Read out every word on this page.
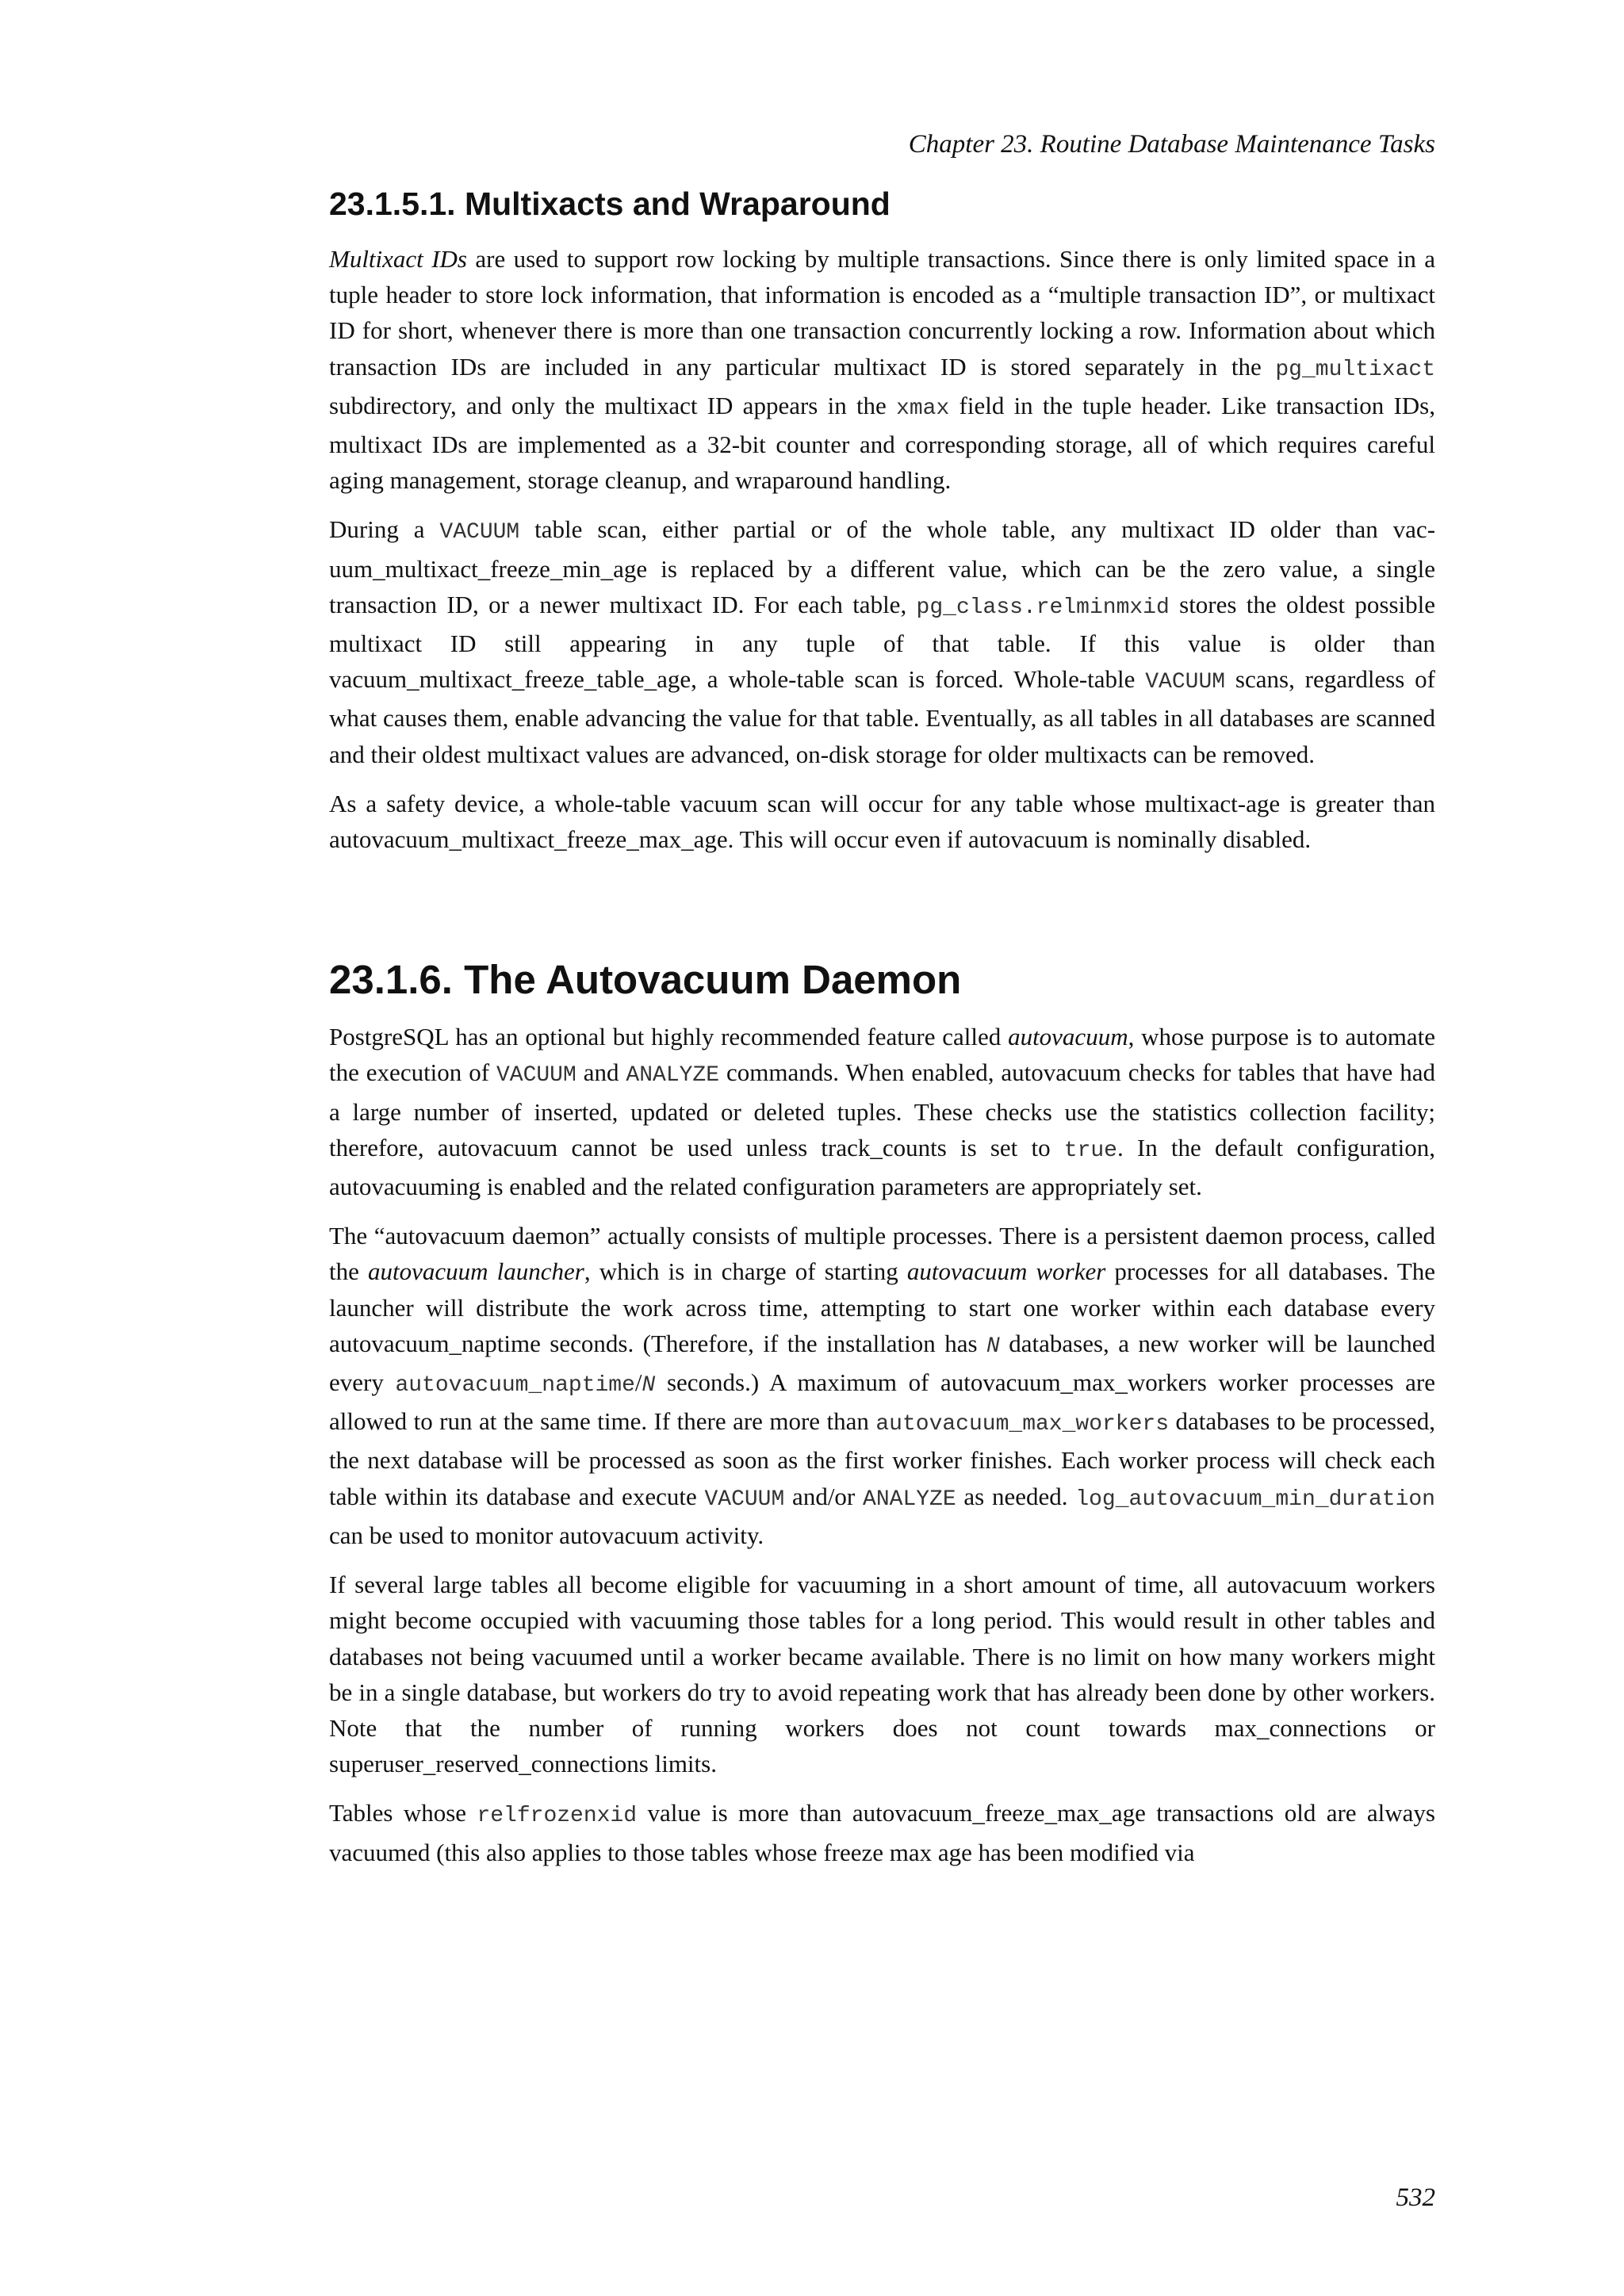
Chapter 23. Routine Database Maintenance Tasks
23.1.5.1. Multixacts and Wraparound

Multixact IDs are used to support row locking by multiple transactions. Since there is only limited space in a tuple header to store lock information, that information is encoded as a “multiple transaction ID”, or multixact ID for short, whenever there is more than one transaction concurrently locking a row. Information about which transaction IDs are included in any particular multixact ID is stored separately in the pg_multixact subdirectory, and only the multixact ID appears in the xmax field in the tuple header. Like transaction IDs, multixact IDs are implemented as a 32-bit counter and corresponding storage, all of which requires careful aging management, storage cleanup, and wraparound handling.

During a VACUUM table scan, either partial or of the whole table, any multixact ID older than vacuum_multixact_freeze_min_age is replaced by a different value, which can be the zero value, a single transaction ID, or a newer multixact ID. For each table, pg_class.relminmxid stores the oldest possible multixact ID still appearing in any tuple of that table. If this value is older than vacuum_multixact_freeze_table_age, a whole-table scan is forced. Whole-table VACUUM scans, regardless of what causes them, enable advancing the value for that table. Eventually, as all tables in all databases are scanned and their oldest multixact values are advanced, on-disk storage for older multixacts can be removed.

As a safety device, a whole-table vacuum scan will occur for any table whose multixact-age is greater than autovacuum_multixact_freeze_max_age. This will occur even if autovacuum is nominally disabled.

23.1.6. The Autovacuum Daemon

PostgreSQL has an optional but highly recommended feature called autovacuum, whose purpose is to automate the execution of VACUUM and ANALYZE commands. When enabled, autovacuum checks for tables that have had a large number of inserted, updated or deleted tuples. These checks use the statistics collection facility; therefore, autovacuum cannot be used unless track_counts is set to true. In the default configuration, autovacuuming is enabled and the related configuration parameters are appropriately set.

The “autovacuum daemon” actually consists of multiple processes. There is a persistent daemon process, called the autovacuum launcher, which is in charge of starting autovacuum worker processes for all databases. The launcher will distribute the work across time, attempting to start one worker within each database every autovacuum_naptime seconds. (Therefore, if the installation has N databases, a new worker will be launched every autovacuum_naptime/N seconds.) A maximum of autovacuum_max_workers worker processes are allowed to run at the same time. If there are more than autovacuum_max_workers databases to be processed, the next database will be processed as soon as the first worker finishes. Each worker process will check each table within its database and execute VACUUM and/or ANALYZE as needed. log_autovacuum_min_duration can be used to monitor autovacuum activity.

If several large tables all become eligible for vacuuming in a short amount of time, all autovacuum workers might become occupied with vacuuming those tables for a long period. This would result in other tables and databases not being vacuumed until a worker became available. There is no limit on how many workers might be in a single database, but workers do try to avoid repeating work that has already been done by other workers. Note that the number of running workers does not count towards max_connections or superuser_reserved_connections limits.

Tables whose relfrozenxid value is more than autovacuum_freeze_max_age transactions old are always vacuumed (this also applies to those tables whose freeze max age has been modified via

532
